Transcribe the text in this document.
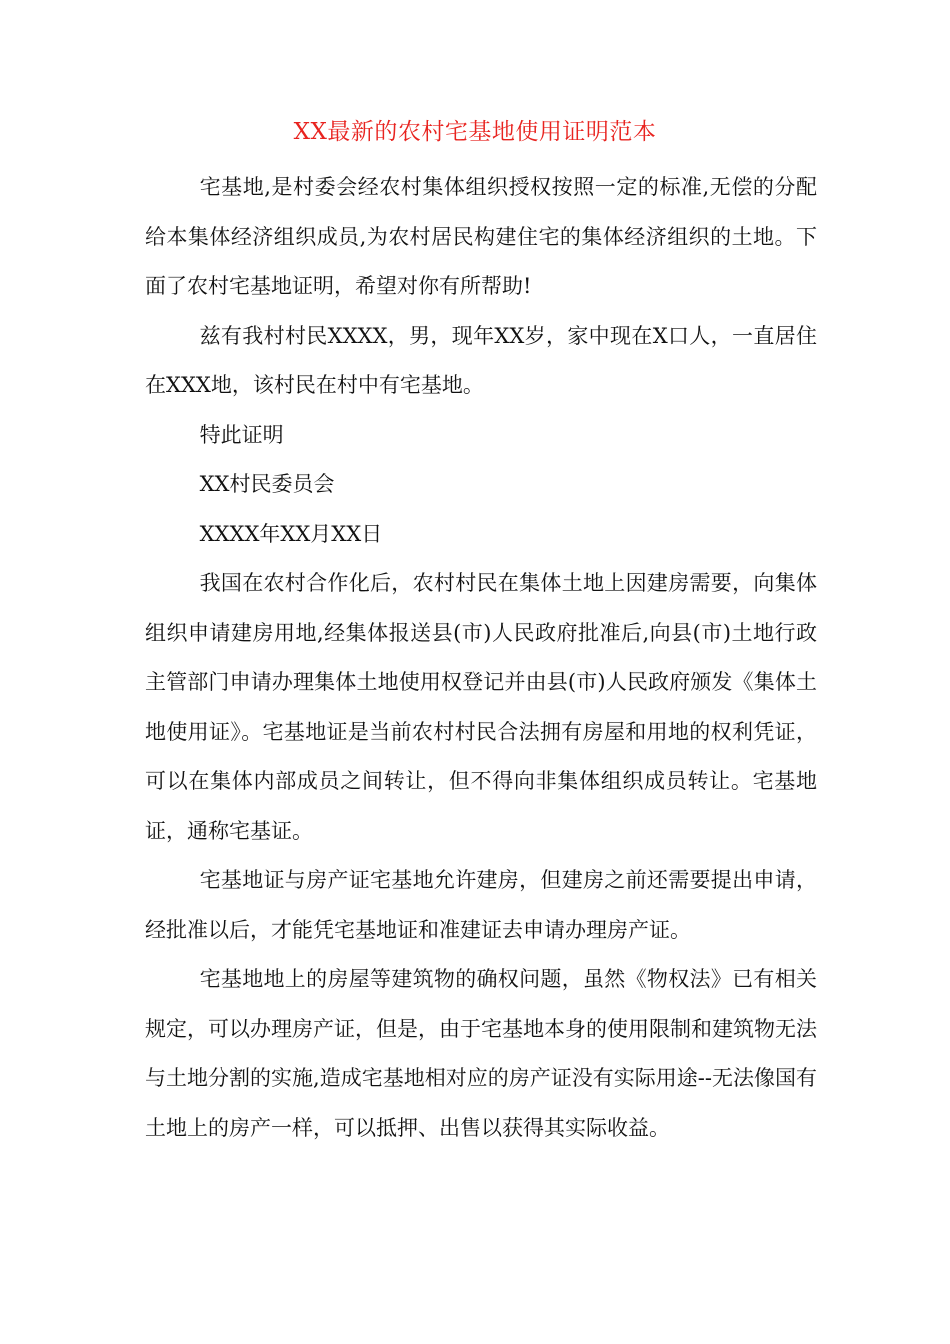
XX最新的农村宅基地使用证明范本

宅基地,是村委会经农村集体组织授权按照一定的标准,无偿的分配给本集体经济组织成员,为农村居民构建住宅的集体经济组织的土地。下面了农村宅基地证明，希望对你有所帮助!

兹有我村村民XXXX，男，现年XX岁，家中现在X口人，一直居住在XXX地，该村民在村中有宅基地。

特此证明

XX村民委员会

XXXX年XX月XX日

我国在农村合作化后，农村村民在集体土地上因建房需要，向集体组织申请建房用地,经集体报送县(市)人民政府批准后,向县(市)土地行政主管部门申请办理集体土地使用权登记并由县(市)人民政府颁发《集体土地使用证》。宅基地证是当前农村村民合法拥有房屋和用地的权利凭证，可以在集体内部成员之间转让，但不得向非集体组织成员转让。宅基地证，通称宅基证。

宅基地证与房产证宅基地允许建房，但建房之前还需要提出申请，经批准以后，才能凭宅基地证和准建证去申请办理房产证。

宅基地地上的房屋等建筑物的确权问题，虽然《物权法》已有相关规定，可以办理房产证，但是，由于宅基地本身的使用限制和建筑物无法与土地分割的实施,造成宅基地相对应的房产证没有实际用途--无法像国有土地上的房产一样，可以抵押、出售以获得其实际收益。
